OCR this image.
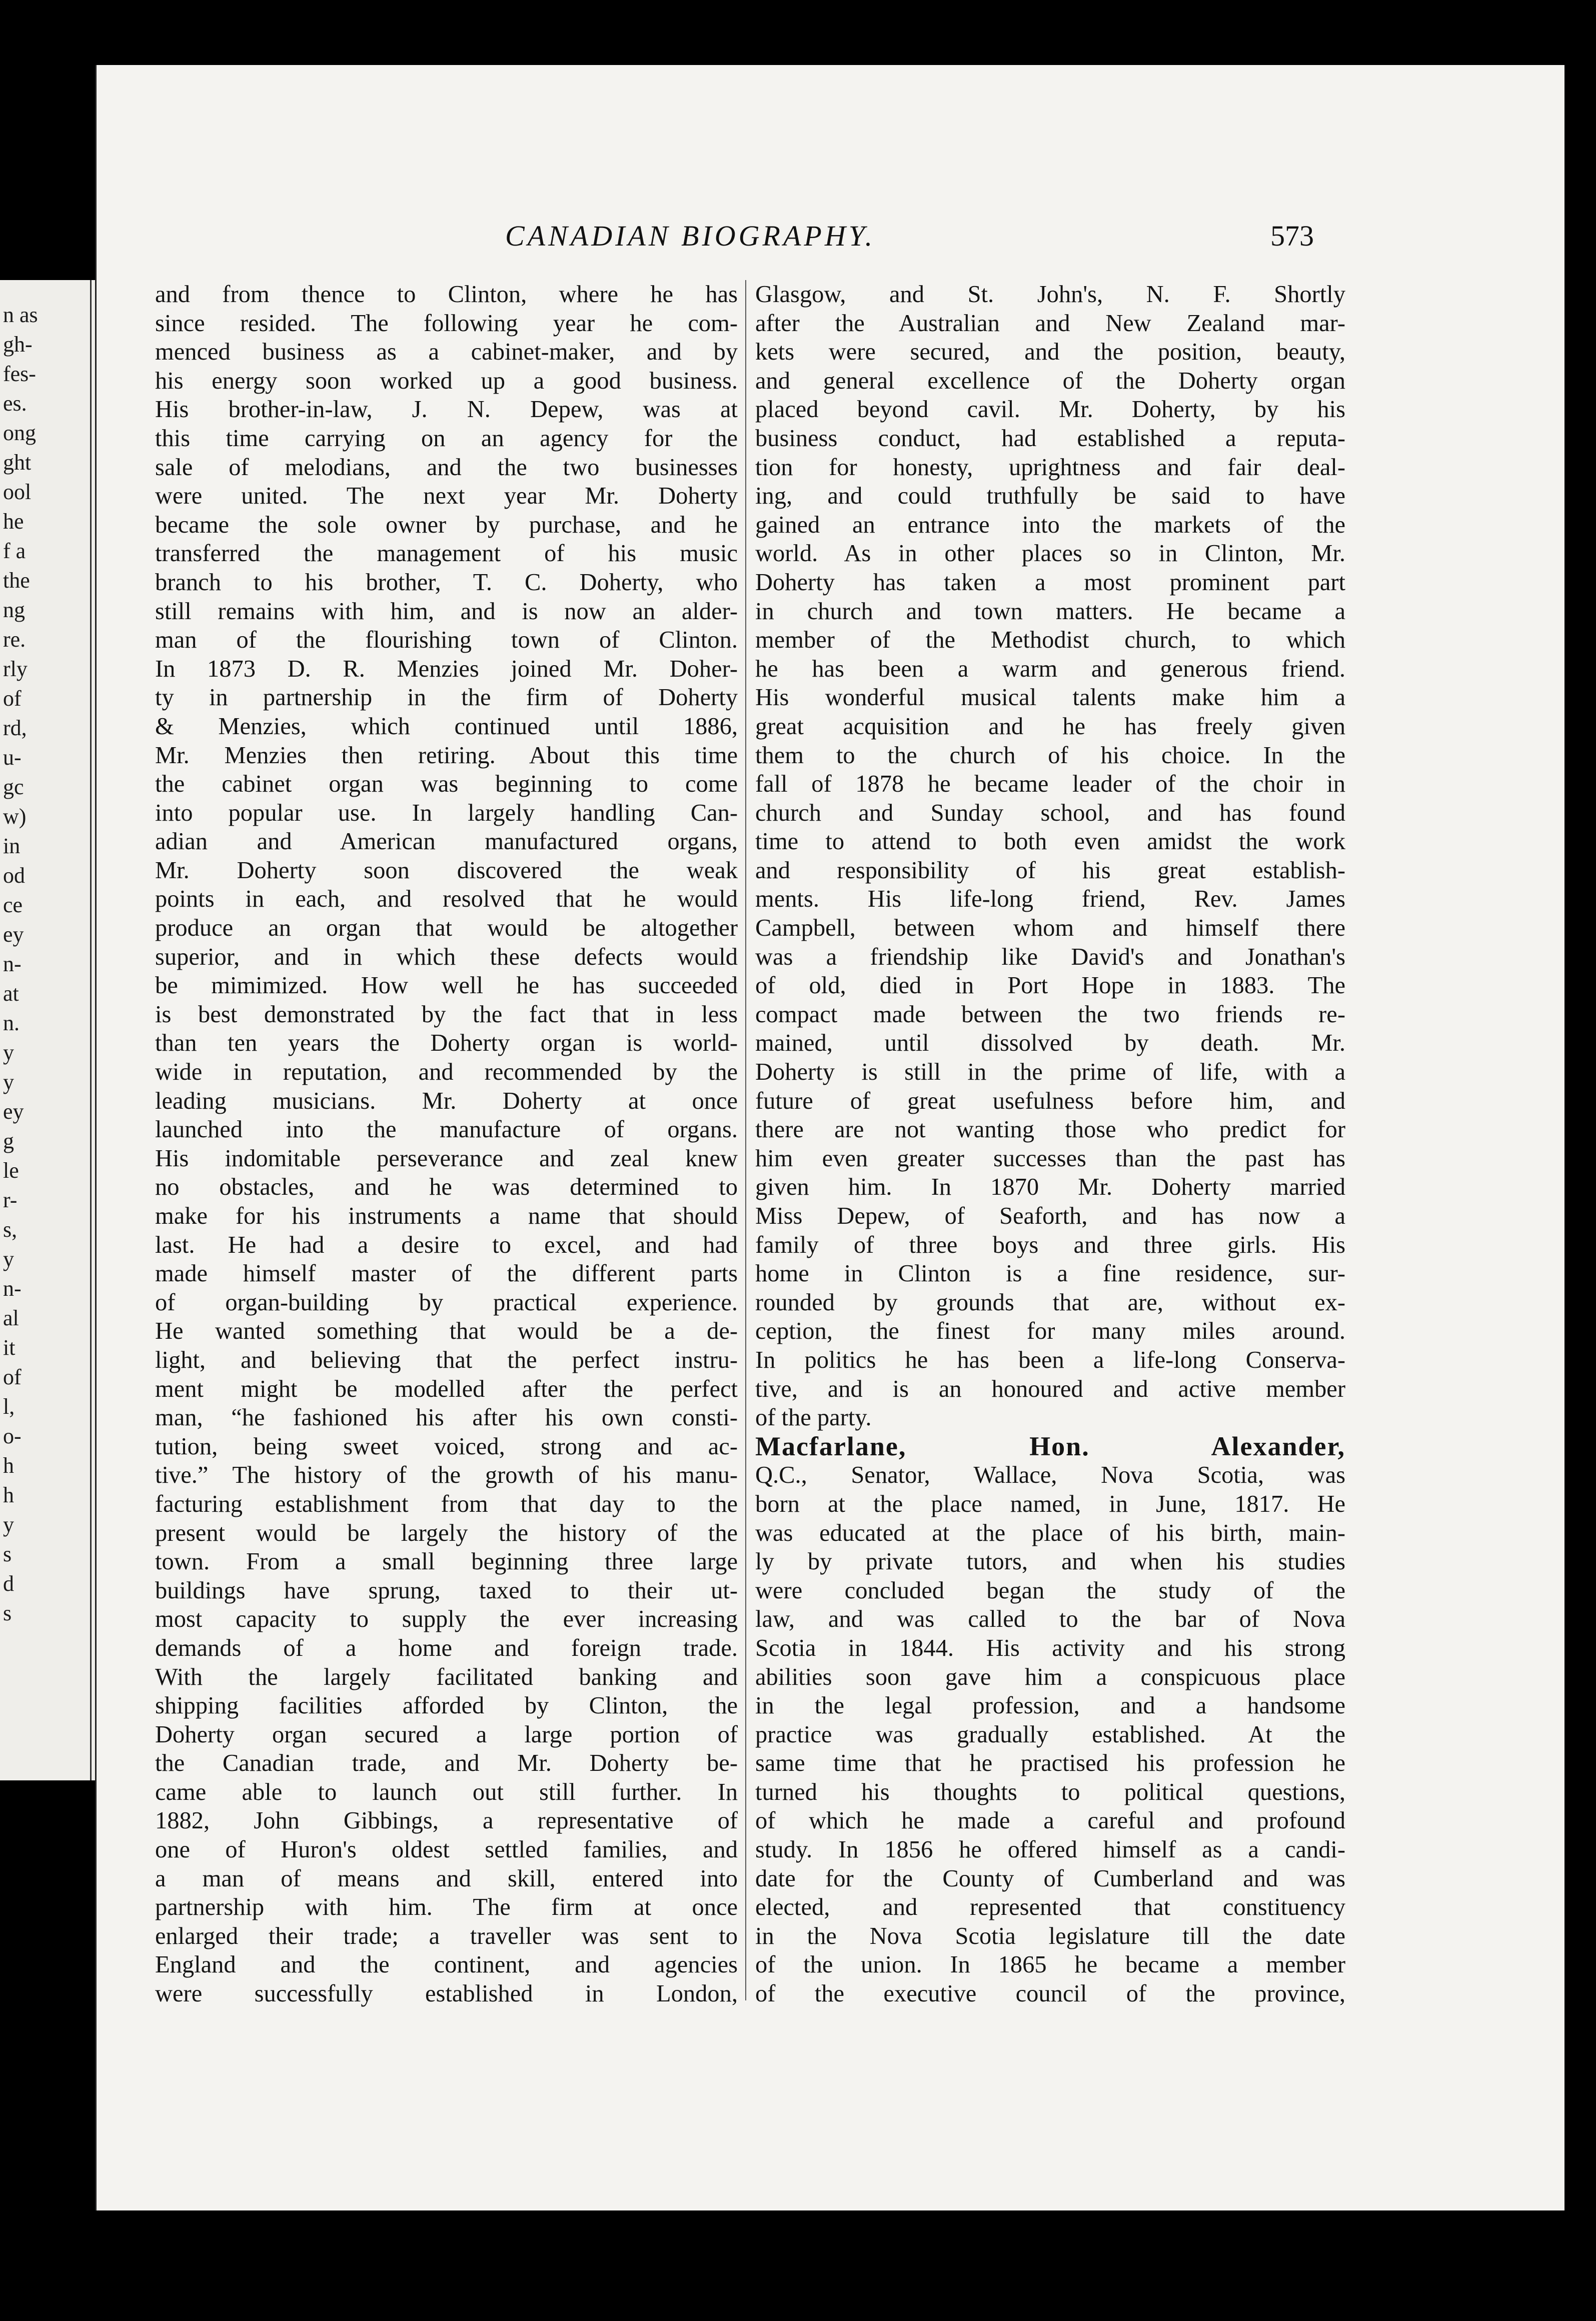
n as
gh-
fes-
es.
ong
ght
ool
he
f a
the
ng
re.
rly
of
rd,
u-
gc
w)
in
od
ce
ey
n-
at
n.
y
y
ey
g
le
r-
s,
y
n-
al
it
of
l,
o-
h
h
y
s
d
s
CANADIAN BIOGRAPHY.	573
and from thence to Clinton, where he has
since resided. The following year he com-
menced business as a cabinet-maker, and by
his energy soon worked up a good business.
His brother-in-law, J. N. Depew, was at
this time carrying on an agency for the
sale of melodians, and the two businesses
were united. The next year Mr. Doherty
became the sole owner by purchase, and he
transferred the management of his music
branch to his brother, T. C. Doherty, who
still remains with him, and is now an alder-
man of the flourishing town of Clinton.
In 1873 D. R. Menzies joined Mr. Doher-
ty in partnership in the firm of Doherty
& Menzies, which continued until 1886,
Mr. Menzies then retiring. About this time
the cabinet organ was beginning to come
into popular use. In largely handling Can-
adian and American manufactured organs,
Mr. Doherty soon discovered the weak
points in each, and resolved that he would
produce an organ that would be altogether
superior, and in which these defects would
be mimimized. How well he has succeeded
is best demonstrated by the fact that in less
than ten years the Doherty organ is world-
wide in reputation, and recommended by the
leading musicians. Mr. Doherty at once
launched into the manufacture of organs.
His indomitable perseverance and zeal knew
no obstacles, and he was determined to
make for his instruments a name that should
last. He had a desire to excel, and had
made himself master of the different parts
of organ-building by practical experience.
He wanted something that would be a de-
light, and believing that the perfect instru-
ment might be modelled after the perfect
man, “he fashioned his after his own consti-
tution, being sweet voiced, strong and ac-
tive.” The history of the growth of his manu-
facturing establishment from that day to the
present would be largely the history of the
town. From a small beginning three large
buildings have sprung, taxed to their ut-
most capacity to supply the ever increasing
demands of a home and foreign trade.
With the largely facilitated banking and
shipping facilities afforded by Clinton, the
Doherty organ secured a large portion of
the Canadian trade, and Mr. Doherty be-
came able to launch out still further. In
1882, John Gibbings, a representative of
one of Huron's oldest settled families, and
a man of means and skill, entered into
partnership with him. The firm at once
enlarged their trade; a traveller was sent to
England and the continent, and agencies
were successfully established in London,
Glasgow, and St. John's, N. F. Shortly
after the Australian and New Zealand mar-
kets were secured, and the position, beauty,
and general excellence of the Doherty organ
placed beyond cavil. Mr. Doherty, by his
business conduct, had established a reputa-
tion for honesty, uprightness and fair deal-
ing, and could truthfully be said to have
gained an entrance into the markets of the
world. As in other places so in Clinton, Mr.
Doherty has taken a most prominent part
in church and town matters. He became a
member of the Methodist church, to which
he has been a warm and generous friend.
His wonderful musical talents make him a
great acquisition and he has freely given
them to the church of his choice. In the
fall of 1878 he became leader of the choir in
church and Sunday school, and has found
time to attend to both even amidst the work
and responsibility of his great establish-
ments. His life-long friend, Rev. James
Campbell, between whom and himself there
was a friendship like David's and Jonathan's
of old, died in Port Hope in 1883. The
compact made between the two friends re-
mained, until dissolved by death. Mr.
Doherty is still in the prime of life, with a
future of great usefulness before him, and
there are not wanting those who predict for
him even greater successes than the past has
given him. In 1870 Mr. Doherty married
Miss Depew, of Seaforth, and has now a
family of three boys and three girls. His
home in Clinton is a fine residence, sur-
rounded by grounds that are, without ex-
ception, the finest for many miles around.
In politics he has been a life-long Conserva-
tive, and is an honoured and active member
of the party.
Macfarlane, Hon. Alexander,
Q.C., Senator, Wallace, Nova Scotia, was
born at the place named, in June, 1817. He
was educated at the place of his birth, main-
ly by private tutors, and when his studies
were concluded began the study of the
law, and was called to the bar of Nova
Scotia in 1844. His activity and his strong
abilities soon gave him a conspicuous place
in the legal profession, and a handsome
practice was gradually established. At the
same time that he practised his profession he
turned his thoughts to political questions,
of which he made a careful and profound
study. In 1856 he offered himself as a candi-
date for the County of Cumberland and was
elected, and represented that constituency
in the Nova Scotia legislature till the date
of the union. In 1865 he became a member
of the executive council of the province,
